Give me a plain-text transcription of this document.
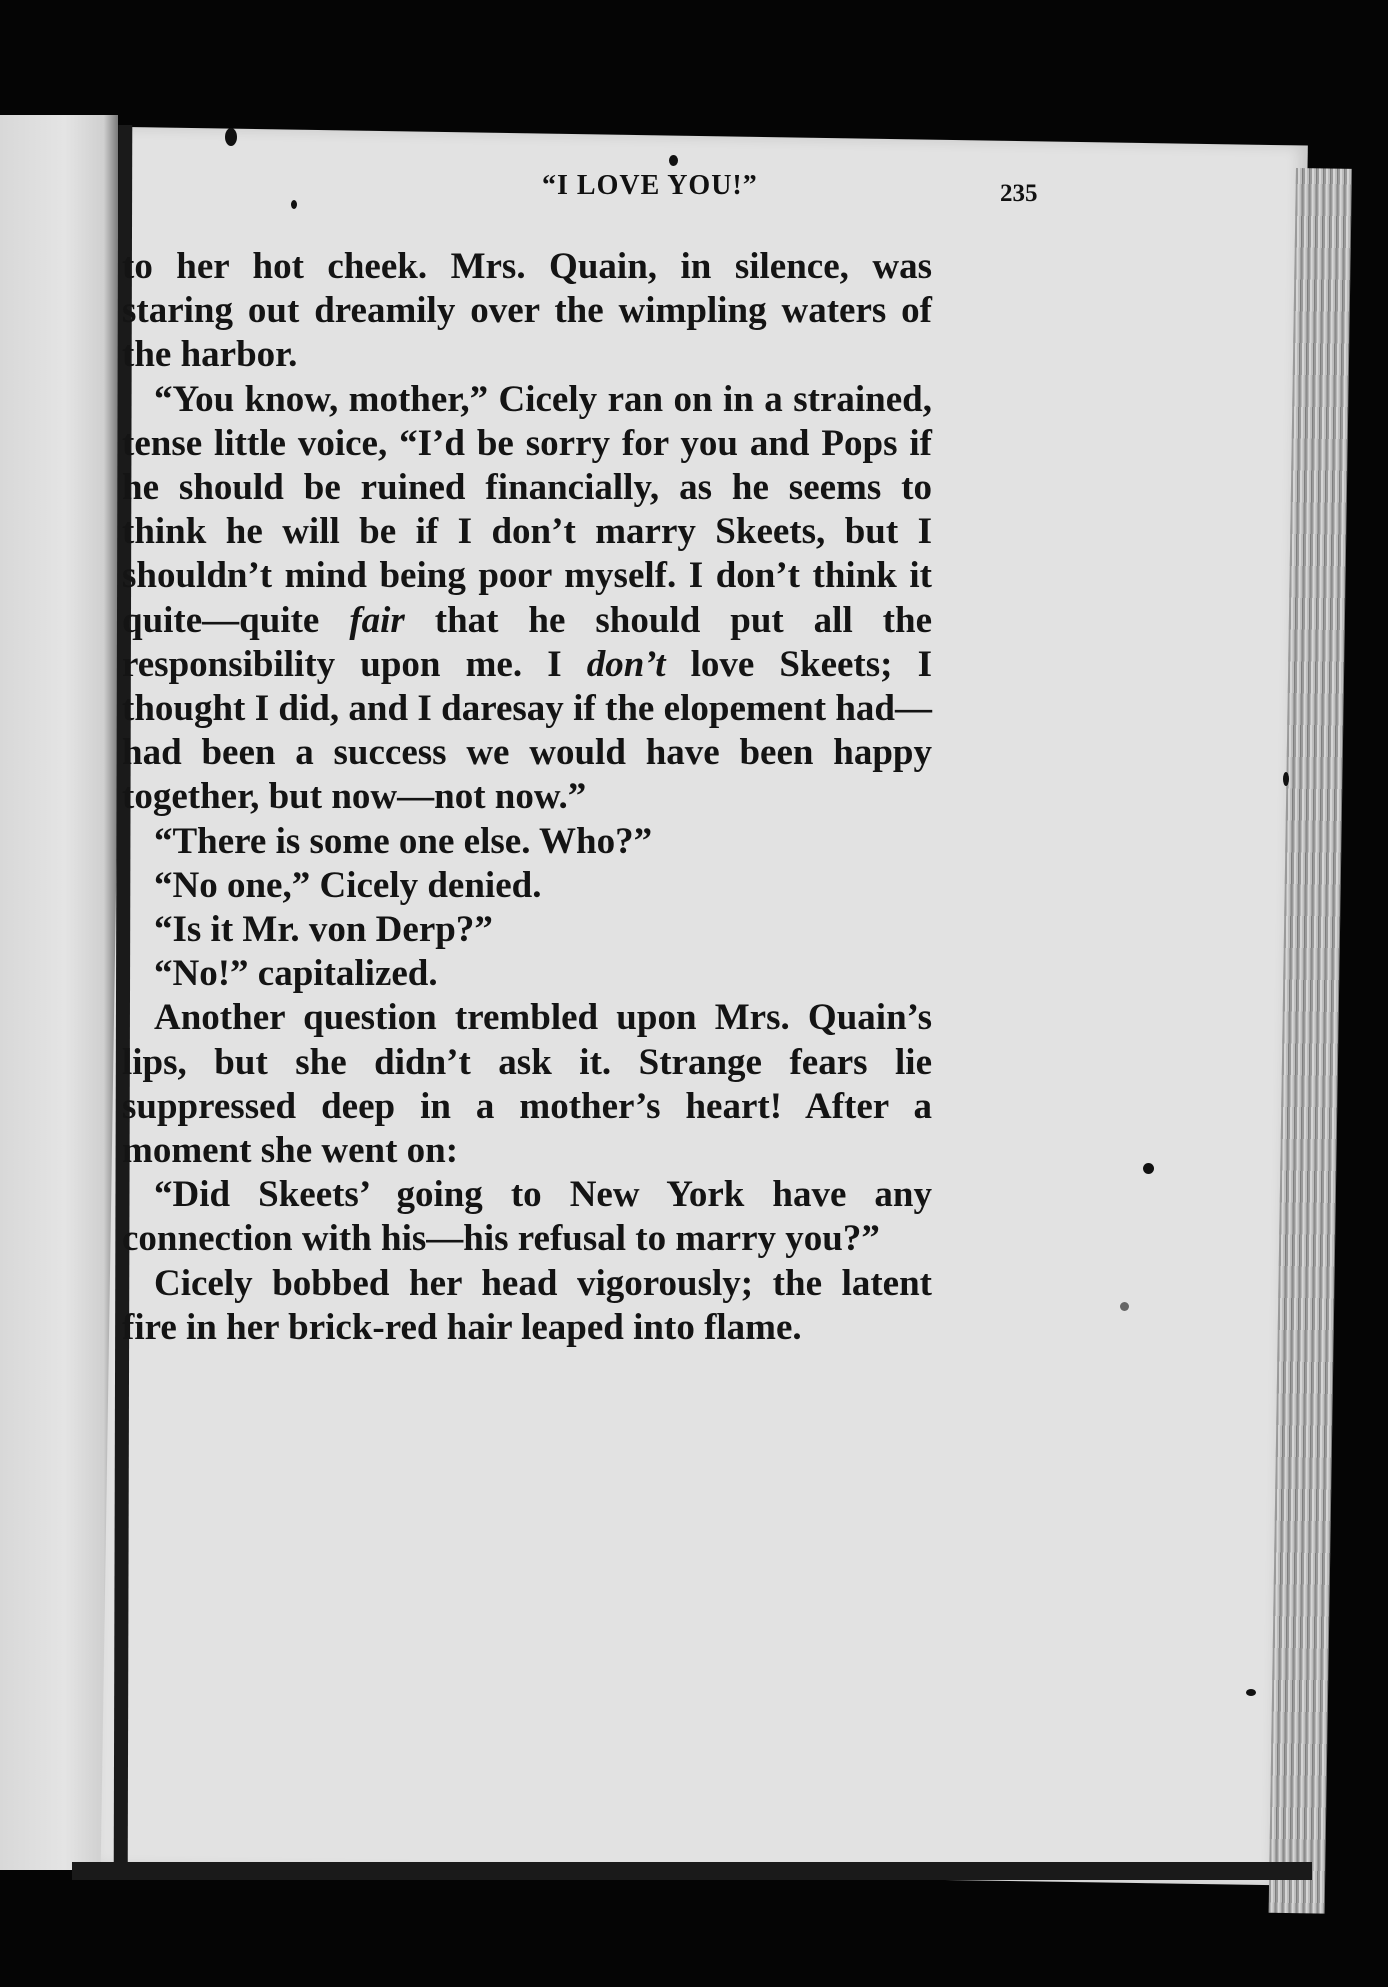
“I LOVE YOU!”	235

to her hot cheek. Mrs. Quain, in silence, was staring out dreamily over the wimpling waters of the harbor.

“You know, mother,” Cicely ran on in a strained, tense little voice, “I’d be sorry for you and Pops if he should be ruined financially, as he seems to think he will be if I don’t marry Skeets, but I shouldn’t mind being poor myself. I don’t think it quite—quite fair that he should put all the responsibility upon me. I don’t love Skeets; I thought I did, and I daresay if the elopement had—had been a success we would have been happy together, but now—not now.”

“There is some one else. Who?”

“No one,” Cicely denied.

“Is it Mr. von Derp?”

“No!” capitalized.

Another question trembled upon Mrs. Quain’s lips, but she didn’t ask it. Strange fears lie suppressed deep in a mother’s heart! After a moment she went on:

“Did Skeets’ going to New York have any connection with his—his refusal to marry you?”

Cicely bobbed her head vigorously; the latent fire in her brick-red hair leaped into flame.
